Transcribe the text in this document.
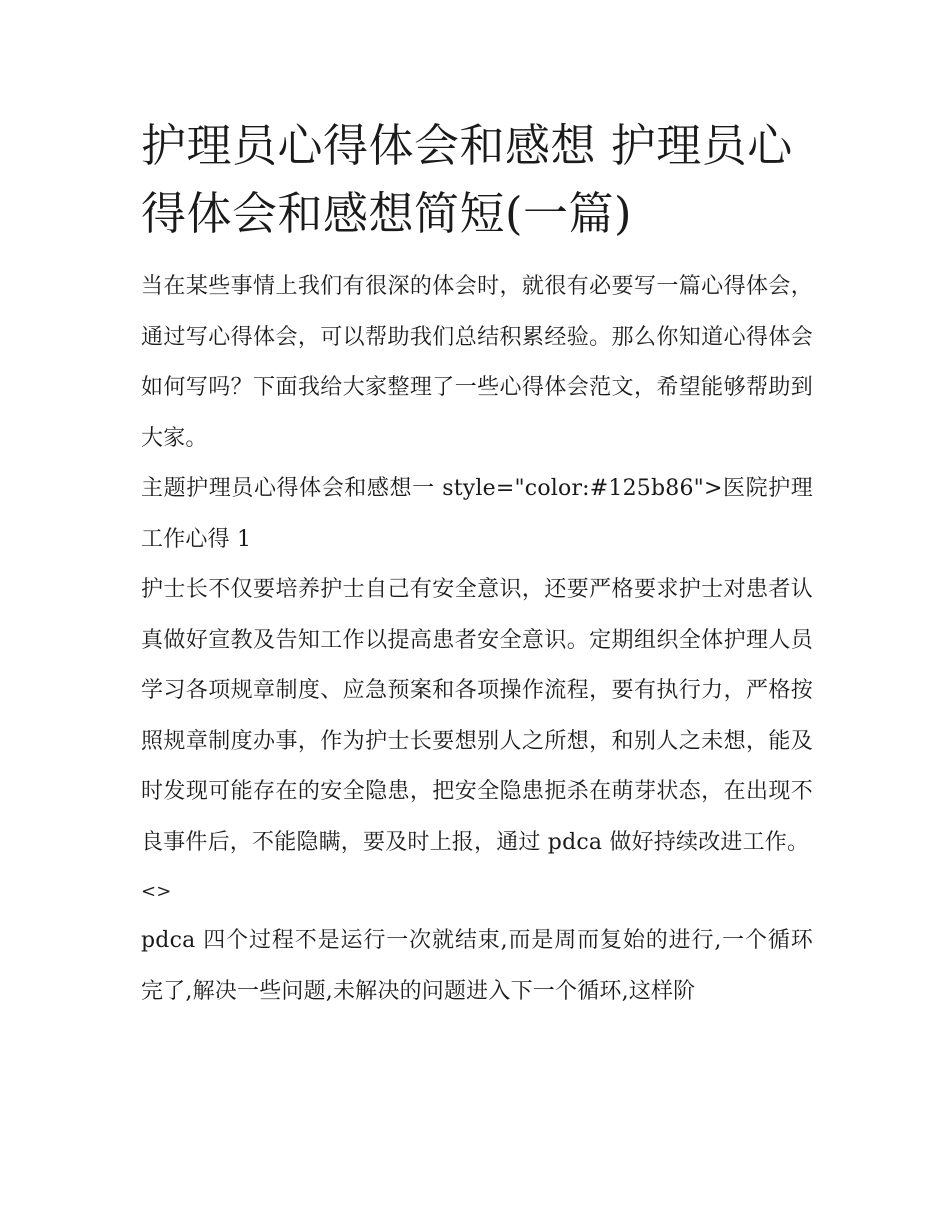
护理员心得体会和感想 护理员心得体会和感想简短(一篇)

当在某些事情上我们有很深的体会时，就很有必要写一篇心得体会，通过写心得体会，可以帮助我们总结积累经验。那么你知道心得体会如何写吗？下面我给大家整理了一些心得体会范文，希望能够帮助到大家。

主题护理员心得体会和感想一 style="color:#125b86">医院护理工作心得 1

护士长不仅要培养护士自己有安全意识，还要严格要求护士对患者认真做好宣教及告知工作以提高患者安全意识。定期组织全体护理人员学习各项规章制度、应急预案和各项操作流程，要有执行力，严格按照规章制度办事，作为护士长要想别人之所想，和别人之未想，能及时发现可能存在的安全隐患，把安全隐患扼杀在萌芽状态，在出现不良事件后，不能隐瞒，要及时上报，通过 pdca 做好持续改进工作。

<>

pdca 四个过程不是运行一次就结束,而是周而复始的进行,一个循环完了,解决一些问题,未解决的问题进入下一个循环,这样阶
